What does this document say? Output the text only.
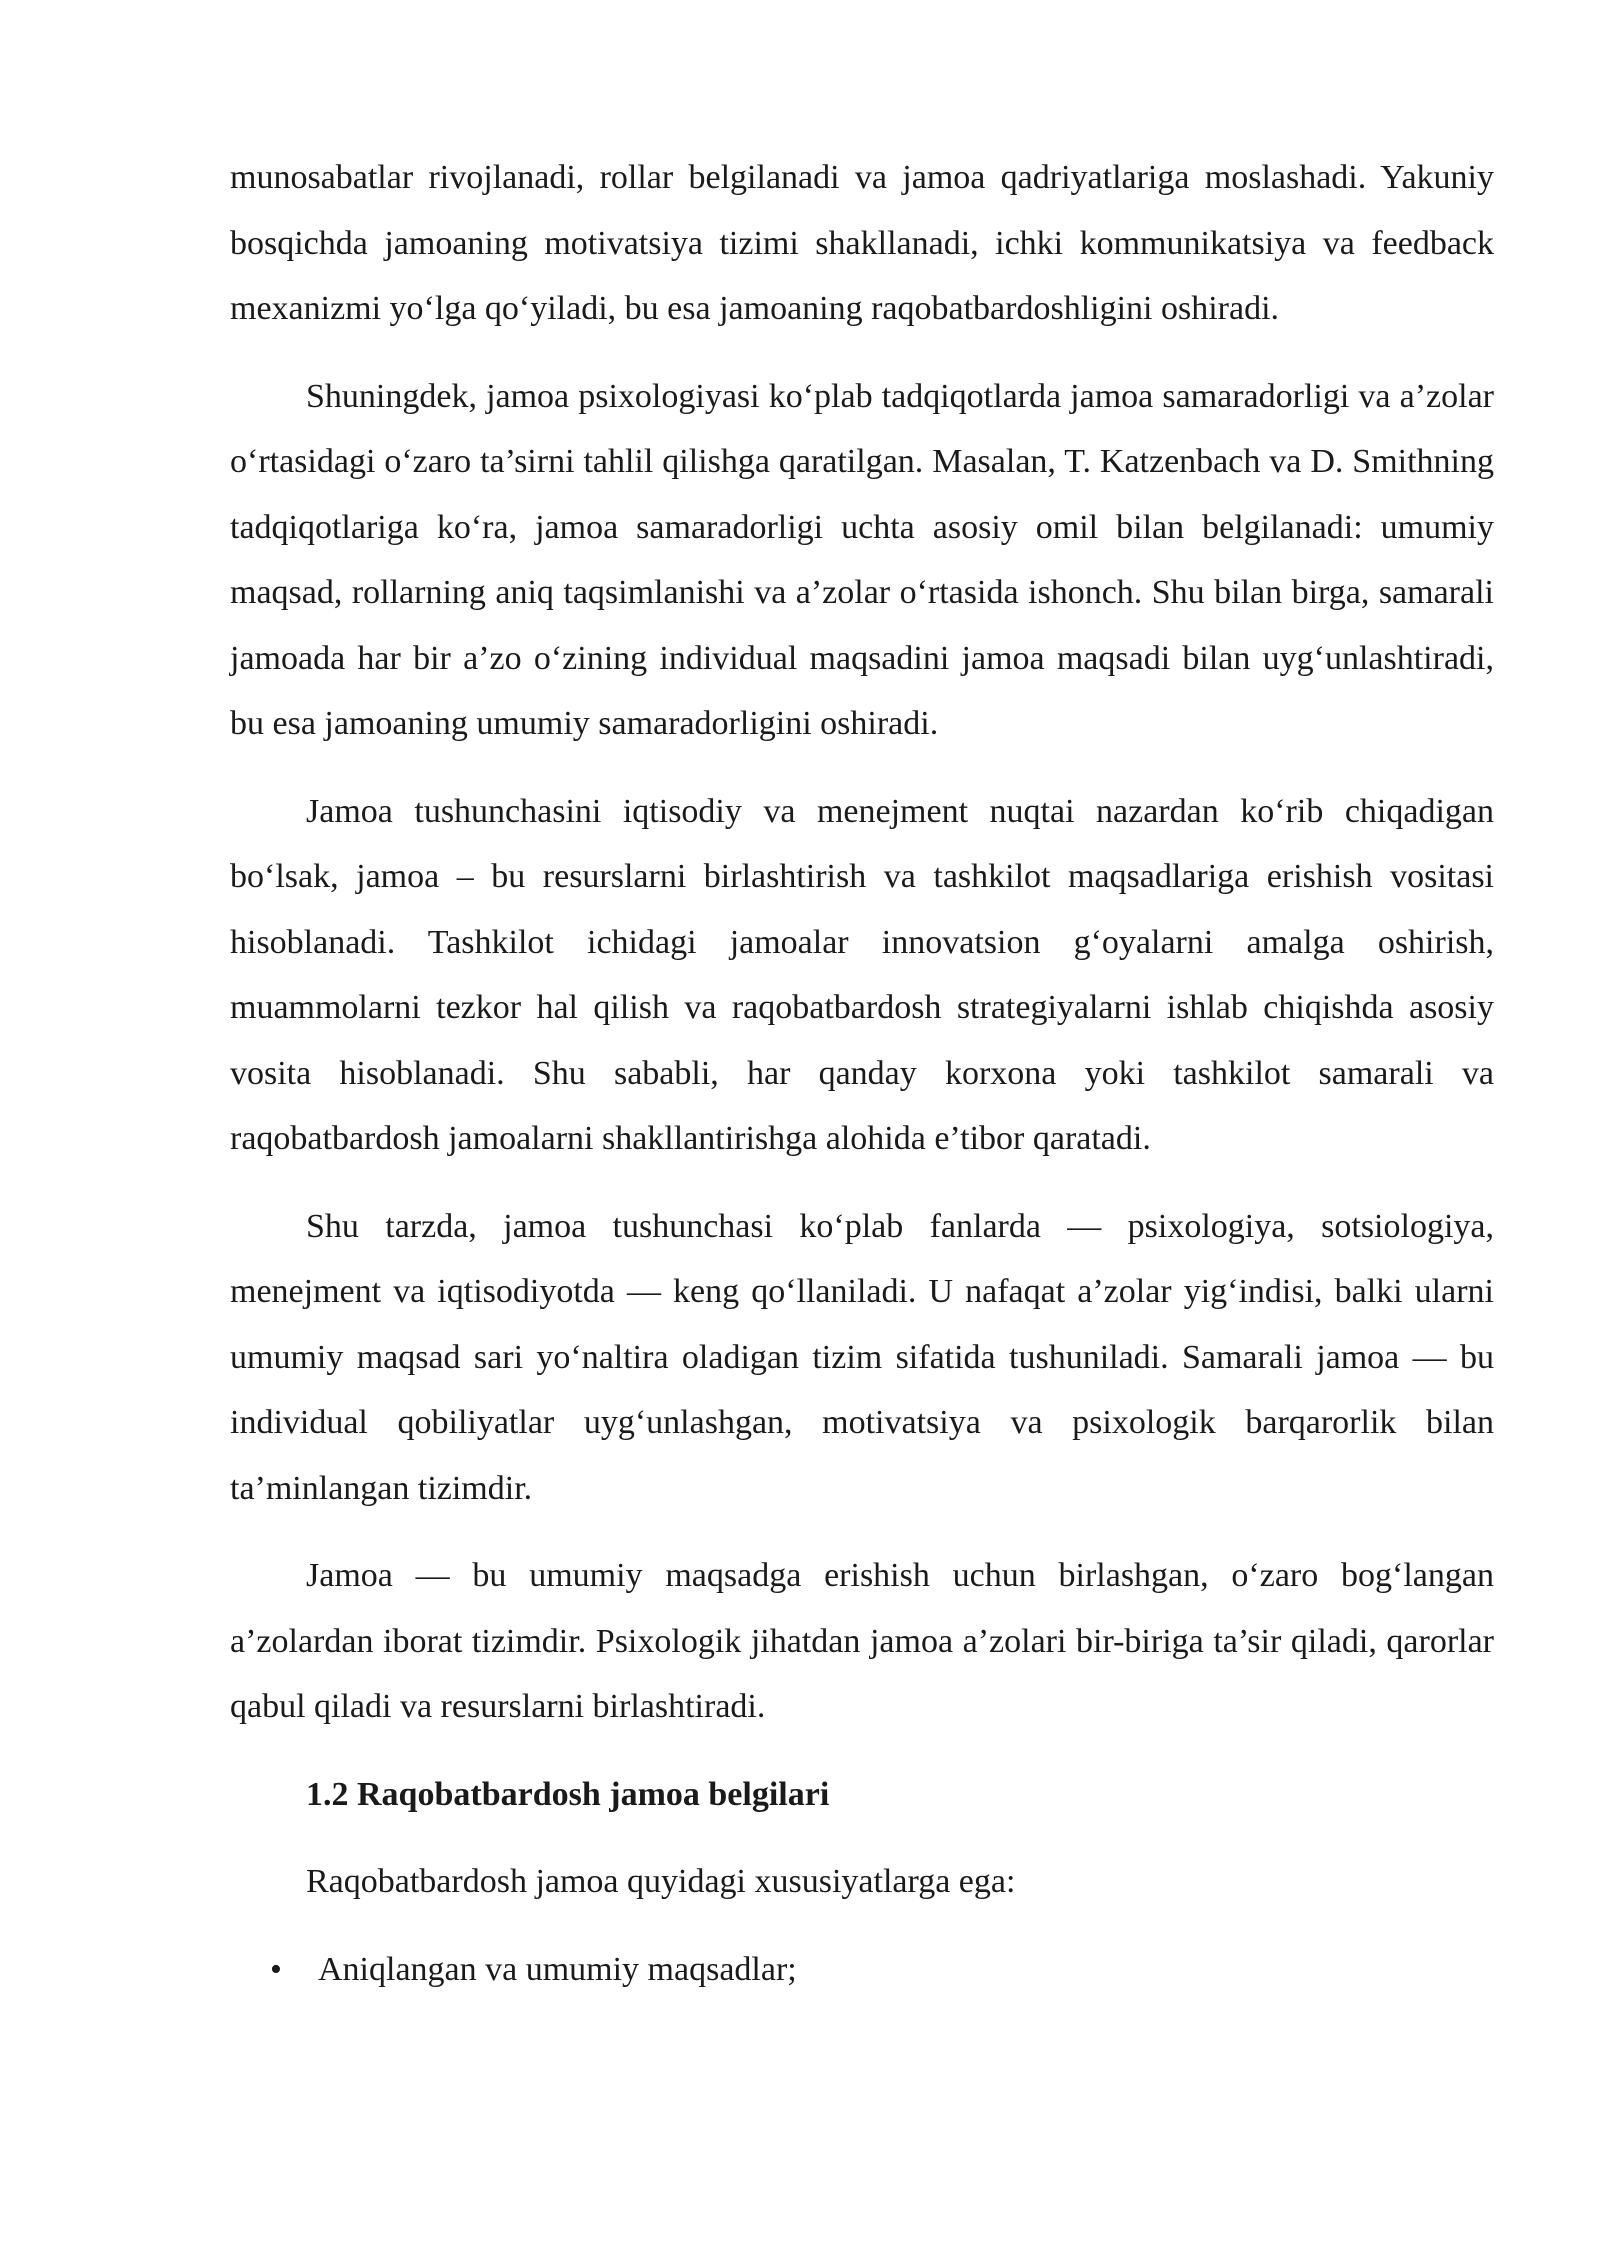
munosabatlar rivojlanadi, rollar belgilanadi va jamoa qadriyatlariga moslashadi. Yakuniy bosqichda jamoaning motivatsiya tizimi shakllanadi, ichki kommunikatsiya va feedback mexanizmi yo‘lga qo‘yiladi, bu esa jamoaning raqobatbardoshligini oshiradi.

Shuningdek, jamoa psixologiyasi ko‘plab tadqiqotlarda jamoa samaradorligi va a’zolar o‘rtasidagi o‘zaro ta’sirni tahlil qilishga qaratilgan. Masalan, T. Katzenbach va D. Smithning tadqiqotlariga ko‘ra, jamoa samaradorligi uchta asosiy omil bilan belgilanadi: umumiy maqsad, rollarning aniq taqsimlanishi va a’zolar o‘rtasida ishonch. Shu bilan birga, samarali jamoada har bir a’zo o‘zining individual maqsadini jamoa maqsadi bilan uyg‘unlashtiradi, bu esa jamoaning umumiy samaradorligini oshiradi.

Jamoa tushunchasini iqtisodiy va menejment nuqtai nazardan ko‘rib chiqadigan bo‘lsak, jamoa – bu resurslarni birlashtirish va tashkilot maqsadlariga erishish vositasi hisoblanadi. Tashkilot ichidagi jamoalar innovatsion g‘oyalarni amalga oshirish, muammolarni tezkor hal qilish va raqobatbardosh strategiyalarni ishlab chiqishda asosiy vosita hisoblanadi. Shu sababli, har qanday korxona yoki tashkilot samarali va raqobatbardosh jamoalarni shakllantirishga alohida e’tibor qaratadi.

Shu tarzda, jamoa tushunchasi ko‘plab fanlarda — psixologiya, sotsiologiya, menejment va iqtisodiyotda — keng qo‘llaniladi. U nafaqat a’zolar yig‘indisi, balki ularni umumiy maqsad sari yo‘naltira oladigan tizim sifatida tushuniladi. Samarali jamoa — bu individual qobiliyatlar uyg‘unlashgan, motivatsiya va psixologik barqarorlik bilan ta’minlangan tizimdir.

Jamoa — bu umumiy maqsadga erishish uchun birlashgan, o‘zaro bog‘langan a’zolardan iborat tizimdir. Psixologik jihatdan jamoa a’zolari bir-biriga ta’sir qiladi, qarorlar qabul qiladi va resurslarni birlashtiradi.

1.2 Raqobatbardosh jamoa belgilari

Raqobatbardosh jamoa quyidagi xususiyatlarga ega:

•	Aniqlangan va umumiy maqsadlar;
